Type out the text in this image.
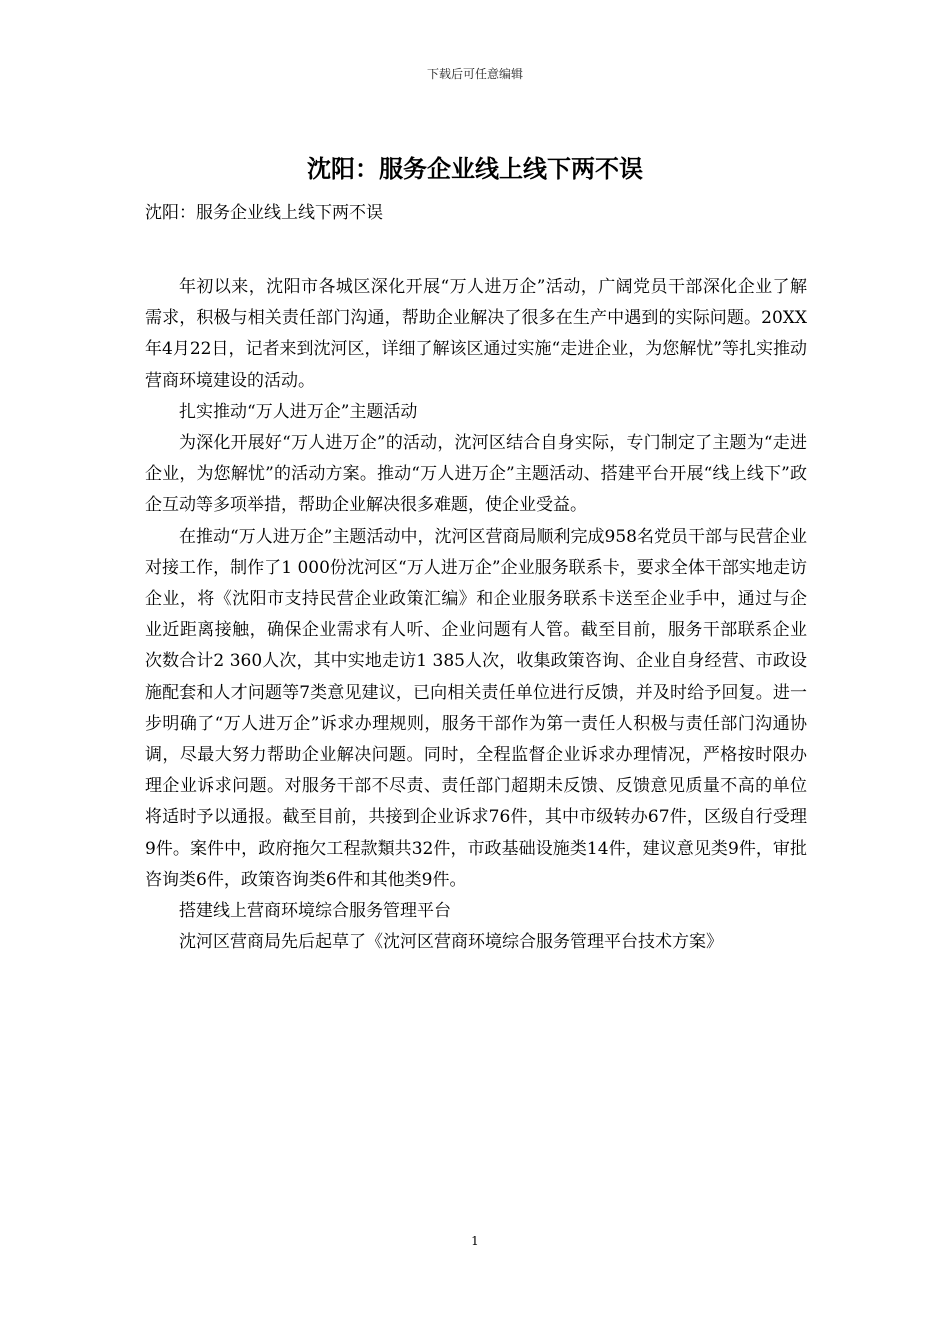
下载后可任意编辑
沈阳：服务企业线上线下两不误

沈阳：服务企业线上线下两不误

年初以来，沈阳市各城区深化开展“万人进万企”活动，广阔党员干部深化企业了解需求，积极与相关责任部门沟通，帮助企业解决了很多在生产中遇到的实际问题。20XX年4月22日，记者来到沈河区，详细了解该区通过实施“走进企业，为您解忧”等扎实推动营商环境建设的活动。

扎实推动“万人进万企”主题活动

为深化开展好“万人进万企”的活动，沈河区结合自身实际，专门制定了主题为“走进企业，为您解忧”的活动方案。推动“万人进万企”主题活动、搭建平台开展“线上线下”政企互动等多项举措，帮助企业解决很多难题，使企业受益。

在推动“万人进万企”主题活动中，沈河区营商局顺利完成958名党员干部与民营企业对接工作，制作了1 000份沈河区“万人进万企”企业服务联系卡，要求全体干部实地走访企业，将《沈阳市支持民营企业政策汇编》和企业服务联系卡送至企业手中，通过与企业近距离接触，确保企业需求有人听、企业问题有人管。截至目前，服务干部联系企业次数合计2 360人次，其中实地走访1 385人次，收集政策咨询、企业自身经营、市政设施配套和人才问题等7类意见建议，已向相关责任单位进行反馈，并及时给予回复。进一步明确了“万人进万企”诉求办理规则，服务干部作为第一责任人积极与责任部门沟通协调，尽最大努力帮助企业解决问题。同时，全程监督企业诉求办理情况，严格按时限办理企业诉求问题。对服务干部不尽责、责任部门超期未反馈、反馈意见质量不高的单位将适时予以通报。截至目前，共接到企业诉求76件，其中市级转办67件，区级自行受理9件。案件中，政府拖欠工程款類共32件，市政基础设施类14件，建议意见类9件，审批咨询类6件，政策咨询类6件和其他类9件。

搭建线上营商环境综合服务管理平台

沈河区营商局先后起草了《沈河区营商环境综合服务管理平台技术方案》

1
